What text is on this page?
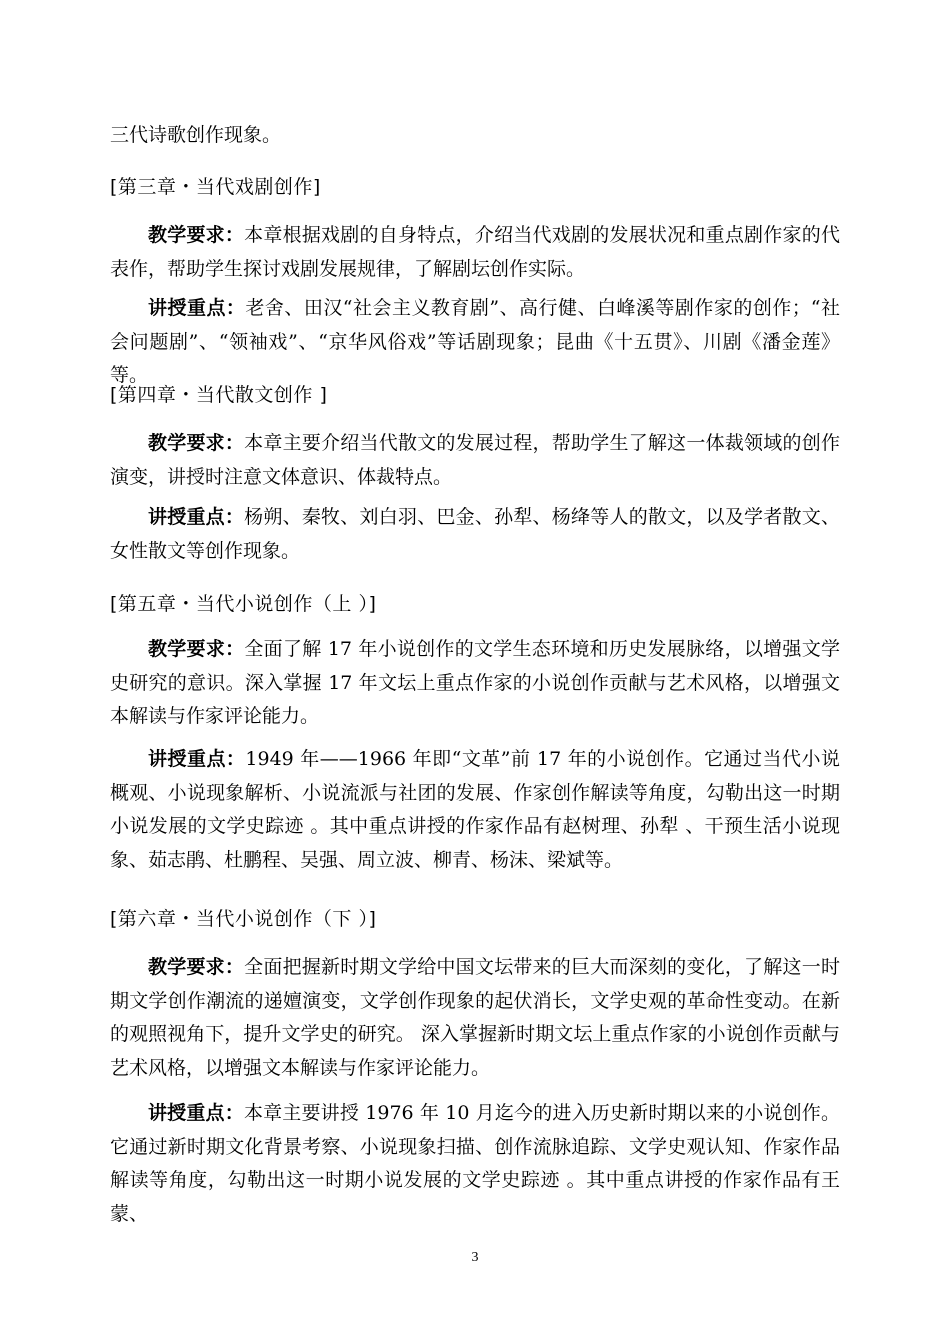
三代诗歌创作现象。

[第三章・当代戏剧创作]

教学要求：本章根据戏剧的自身特点，介绍当代戏剧的发展状况和重点剧作家的代表作，帮助学生探讨戏剧发展规律，了解剧坛创作实际。

讲授重点：老舍、田汉“社会主义教育剧”、高行健、白峰溪等剧作家的创作；“社会问题剧”、“领袖戏”、“京华风俗戏”等话剧现象；昆曲《十五贯》、川剧《潘金莲》等。

[第四章・当代散文创作 ]

教学要求：本章主要介绍当代散文的发展过程，帮助学生了解这一体裁领域的创作演变，讲授时注意文体意识、体裁特点。

讲授重点：杨朔、秦牧、刘白羽、巴金、孙犁、杨绛等人的散文，以及学者散文、女性散文等创作现象。

[第五章・当代小说创作（上 ）]

教学要求：全面了解 17 年小说创作的文学生态环境和历史发展脉络，以增强文学史研究的意识。深入掌握 17 年文坛上重点作家的小说创作贡献与艺术风格，以增强文本解读与作家评论能力。

讲授重点：1949 年——1966 年即“文革”前 17 年的小说创作。它通过当代小说概观、小说现象解析、小说流派与社团的发展、作家创作解读等角度，勾勒出这一时期小说发展的文学史踪迹 。其中重点讲授的作家作品有赵树理、孙犁 、干预生活小说现象、茹志鹃、杜鹏程、吴强、周立波、柳青、杨沫、梁斌等。

[第六章・当代小说创作（下 ）]

教学要求：全面把握新时期文学给中国文坛带来的巨大而深刻的变化，了解这一时期文学创作潮流的递嬗演变，文学创作现象的起伏消长，文学史观的革命性变动。在新的观照视角下，提升文学史的研究。 深入掌握新时期文坛上重点作家的小说创作贡献与艺术风格，以增强文本解读与作家评论能力。

讲授重点：本章主要讲授 1976 年 10 月迄今的进入历史新时期以来的小说创作。它通过新时期文化背景考察、小说现象扫描、创作流脉追踪、文学史观认知、作家作品解读等角度，勾勒出这一时期小说发展的文学史踪迹 。其中重点讲授的作家作品有王蒙、

3
